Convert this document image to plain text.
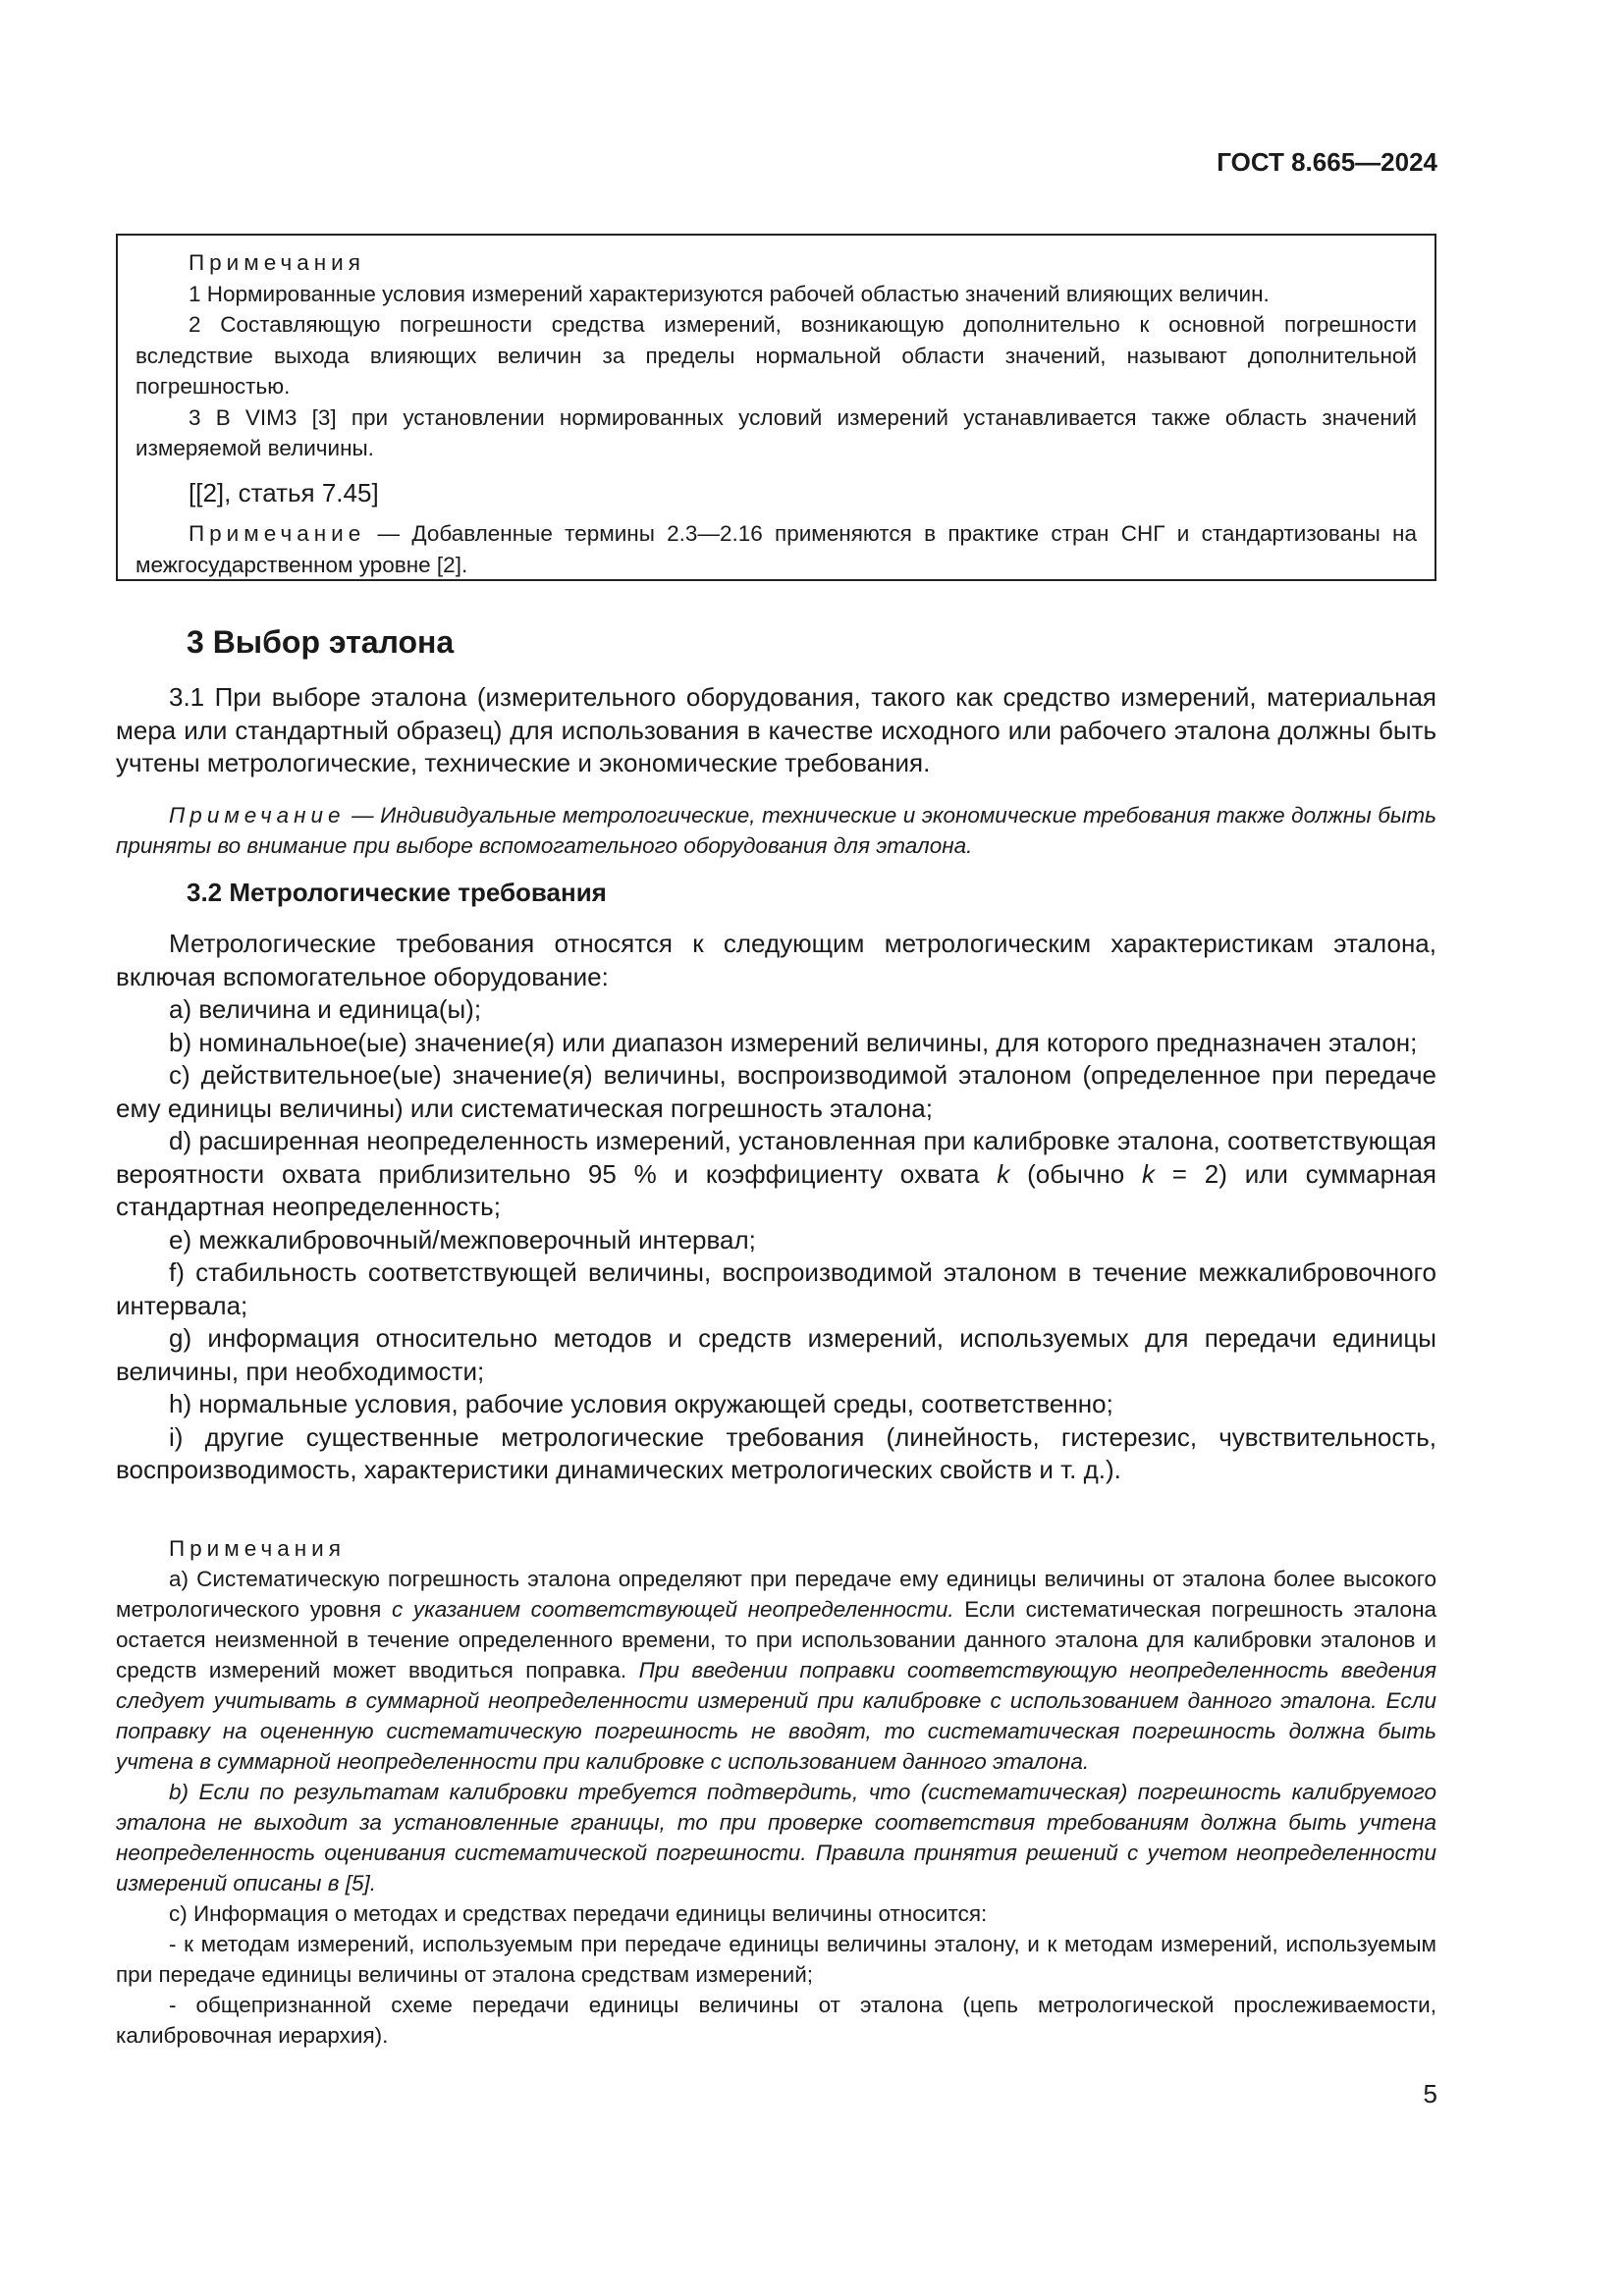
ГОСТ 8.665—2024

Примечания

1 Нормированные условия измерений характеризуются рабочей областью значений влияющих величин.

2 Составляющую погрешности средства измерений, возникающую дополнительно к основной погрешности вследствие выхода влияющих величин за пределы нормальной области значений, называют дополнительной погрешностью.

3 В VIM3 [3] при установлении нормированных условий измерений устанавливается также область значений измеряемой величины.

[[2], статья 7.45]

Примечание — Добавленные термины 2.3—2.16 применяются в практике стран СНГ и стандартизованы на межгосударственном уровне [2].

3 Выбор эталона

3.1 При выборе эталона (измерительного оборудования, такого как средство измерений, материальная мера или стандартный образец) для использования в качестве исходного или рабочего эталона должны быть учтены метрологические, технические и экономические требования.

Примечание — Индивидуальные метрологические, технические и экономические требования также должны быть приняты во внимание при выборе вспомогательного оборудования для эталона.

3.2 Метрологические требования

Метрологические требования относятся к следующим метрологическим характеристикам эталона, включая вспомогательное оборудование:

a) величина и единица(ы);

b) номинальное(ые) значение(я) или диапазон измерений величины, для которого предназначен эталон;

c) действительное(ые) значение(я) величины, воспроизводимой эталоном (определенное при передаче ему единицы величины) или систематическая погрешность эталона;

d) расширенная неопределенность измерений, установленная при калибровке эталона, соответствующая вероятности охвата приблизительно 95 % и коэффициенту охвата k (обычно k = 2) или суммарная стандартная неопределенность;

e) межкалибровочный/межповерочный интервал;

f) стабильность соответствующей величины, воспроизводимой эталоном в течение межкалибровочного интервала;

g) информация относительно методов и средств измерений, используемых для передачи единицы величины, при необходимости;

h) нормальные условия, рабочие условия окружающей среды, соответственно;

i) другие существенные метрологические требования (линейность, гистерезис, чувствительность, воспроизводимость, характеристики динамических метрологических свойств и т. д.).

Примечания

a) Систематическую погрешность эталона определяют при передаче ему единицы величины от эталона более высокого метрологического уровня с указанием соответствующей неопределенности. Если систематическая погрешность эталона остается неизменной в течение определенного времени, то при использовании данного эталона для калибровки эталонов и средств измерений может вводиться поправка. При введении поправки соответствующую неопределенность введения следует учитывать в суммарной неопределенности измерений при калибровке с использованием данного эталона. Если поправку на оцененную систематическую погрешность не вводят, то систематическая погрешность должна быть учтена в суммарной неопределенности при калибровке с использованием данного эталона.

b) Если по результатам калибровки требуется подтвердить, что (систематическая) погрешность калибруемого эталона не выходит за установленные границы, то при проверке соответствия требованиям должна быть учтена неопределенность оценивания систематической погрешности. Правила принятия решений с учетом неопределенности измерений описаны в [5].

c) Информация о методах и средствах передачи единицы величины относится:

- к методам измерений, используемым при передаче единицы величины эталону, и к методам измерений, используемым при передаче единицы величины от эталона средствам измерений;

- общепризнанной схеме передачи единицы величины от эталона (цепь метрологической прослеживаемости, калибровочная иерархия).

5
